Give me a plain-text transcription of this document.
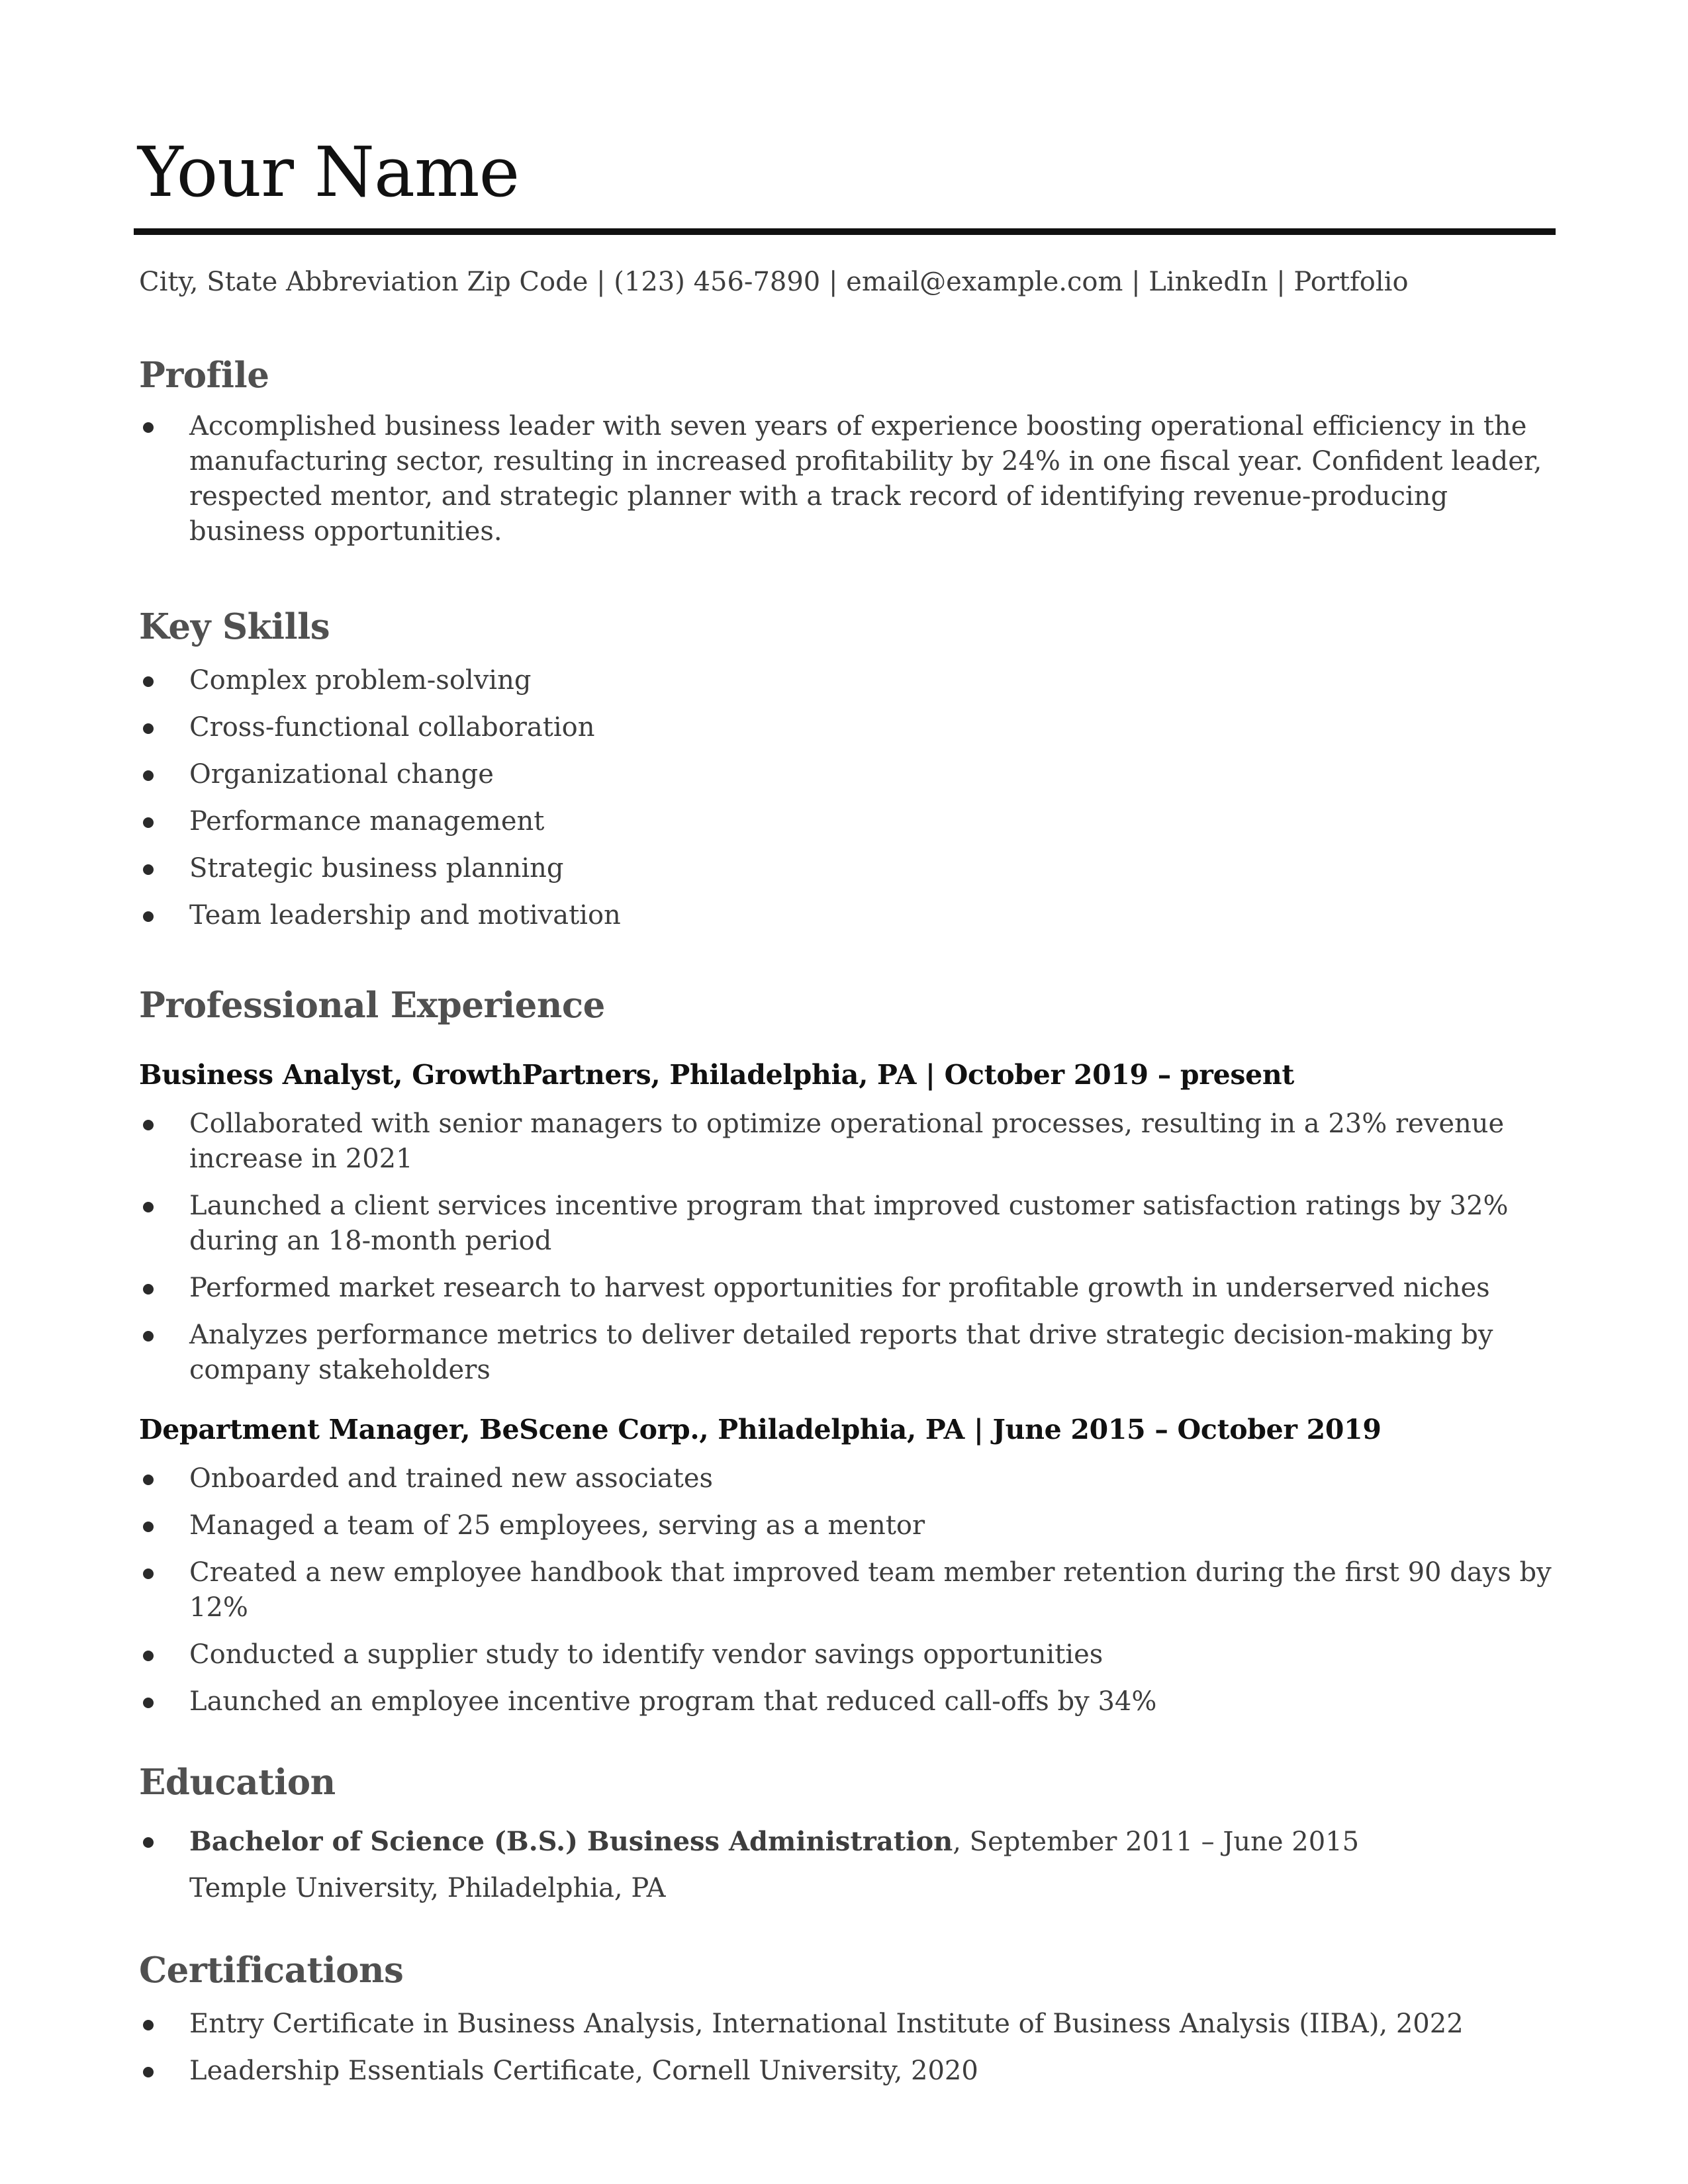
Your Name
City, State Abbreviation Zip Code | (123) 456-7890 | email@example.com | LinkedIn | Portfolio
Profile
Accomplished business leader with seven years of experience boosting operational efficiency in the manufacturing sector, resulting in increased profitability by 24% in one fiscal year. Confident leader, respected mentor, and strategic planner with a track record of identifying revenue-producing business opportunities.
Key Skills
Complex problem-solving
Cross-functional collaboration
Organizational change
Performance management
Strategic business planning
Team leadership and motivation
Professional Experience
Business Analyst, GrowthPartners, Philadelphia, PA | October 2019 – present
Collaborated with senior managers to optimize operational processes, resulting in a 23% revenue increase in 2021
Launched a client services incentive program that improved customer satisfaction ratings by 32% during an 18-month period
Performed market research to harvest opportunities for profitable growth in underserved niches
Analyzes performance metrics to deliver detailed reports that drive strategic decision-making by company stakeholders
Department Manager, BeScene Corp., Philadelphia, PA | June 2015 – October 2019
Onboarded and trained new associates
Managed a team of 25 employees, serving as a mentor
Created a new employee handbook that improved team member retention during the first 90 days by 12%
Conducted a supplier study to identify vendor savings opportunities
Launched an employee incentive program that reduced call-offs by 34%
Education
Bachelor of Science (B.S.) Business Administration, September 2011 – June 2015
Temple University, Philadelphia, PA
Certifications
Entry Certificate in Business Analysis, International Institute of Business Analysis (IIBA), 2022
Leadership Essentials Certificate, Cornell University, 2020
